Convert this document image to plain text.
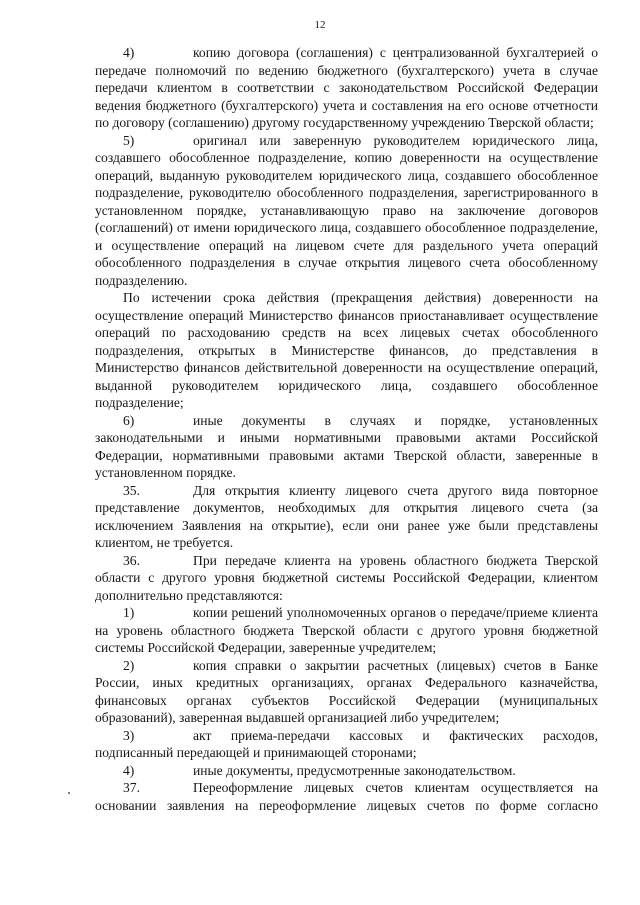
12

4)	копию договора (соглашения) с централизованной бухгалтерией о передаче полномочий по ведению бюджетного (бухгалтерского) учета в случае передачи клиентом в соответствии с законодательством Российской Федерации ведения бюджетного (бухгалтерского) учета и составления на его основе отчетности по договору (соглашению) другому государственному учреждению Тверской области;

5)	оригинал или заверенную руководителем юридического лица, создавшего обособленное подразделение, копию доверенности на осуществление операций, выданную руководителем юридического лица, создавшего обособленное подразделение, руководителю обособленного подразделения, зарегистрированного в установленном порядке, устанавливающую право на заключение договоров (соглашений) от имени юридического лица, создавшего обособленное подразделение, и осуществление операций на лицевом счете для раздельного учета операций обособленного подразделения в случае открытия лицевого счета обособленному подразделению.

По истечении срока действия (прекращения действия) доверенности на осуществление операций Министерство финансов приостанавливает осуществление операций по расходованию средств на всех лицевых счетах обособленного подразделения, открытых в Министерстве финансов, до представления в Министерство финансов действительной доверенности на осуществление операций, выданной руководителем юридического лица, создавшего обособленное подразделение;

6)	иные документы в случаях и порядке, установленных законодательными и иными нормативными правовыми актами Российской Федерации, нормативными правовыми актами Тверской области, заверенные в установленном порядке.

35.	Для открытия клиенту лицевого счета другого вида повторное представление документов, необходимых для открытия лицевого счета (за исключением Заявления на открытие), если они ранее уже были представлены клиентом, не требуется.

36.	При передаче клиента на уровень областного бюджета Тверской области с другого уровня бюджетной системы Российской Федерации, клиентом дополнительно представляются:

1)	копии решений уполномоченных органов о передаче/приеме клиента на уровень областного бюджета Тверской области с другого уровня бюджетной системы Российской Федерации, заверенные учредителем;

2)	копия справки о закрытии расчетных (лицевых) счетов в Банке России, иных кредитных организациях, органах Федерального казначейства, финансовых органах субъектов Российской Федерации (муниципальных образований), заверенная выдавшей организацией либо учредителем;

3)	акт приема-передачи кассовых и фактических расходов, подписанный передающей и принимающей сторонами;

4)	иные документы, предусмотренные законодательством.

37.	Переоформление лицевых счетов клиентам осуществляется на основании заявления на переоформление лицевых счетов по форме согласно
